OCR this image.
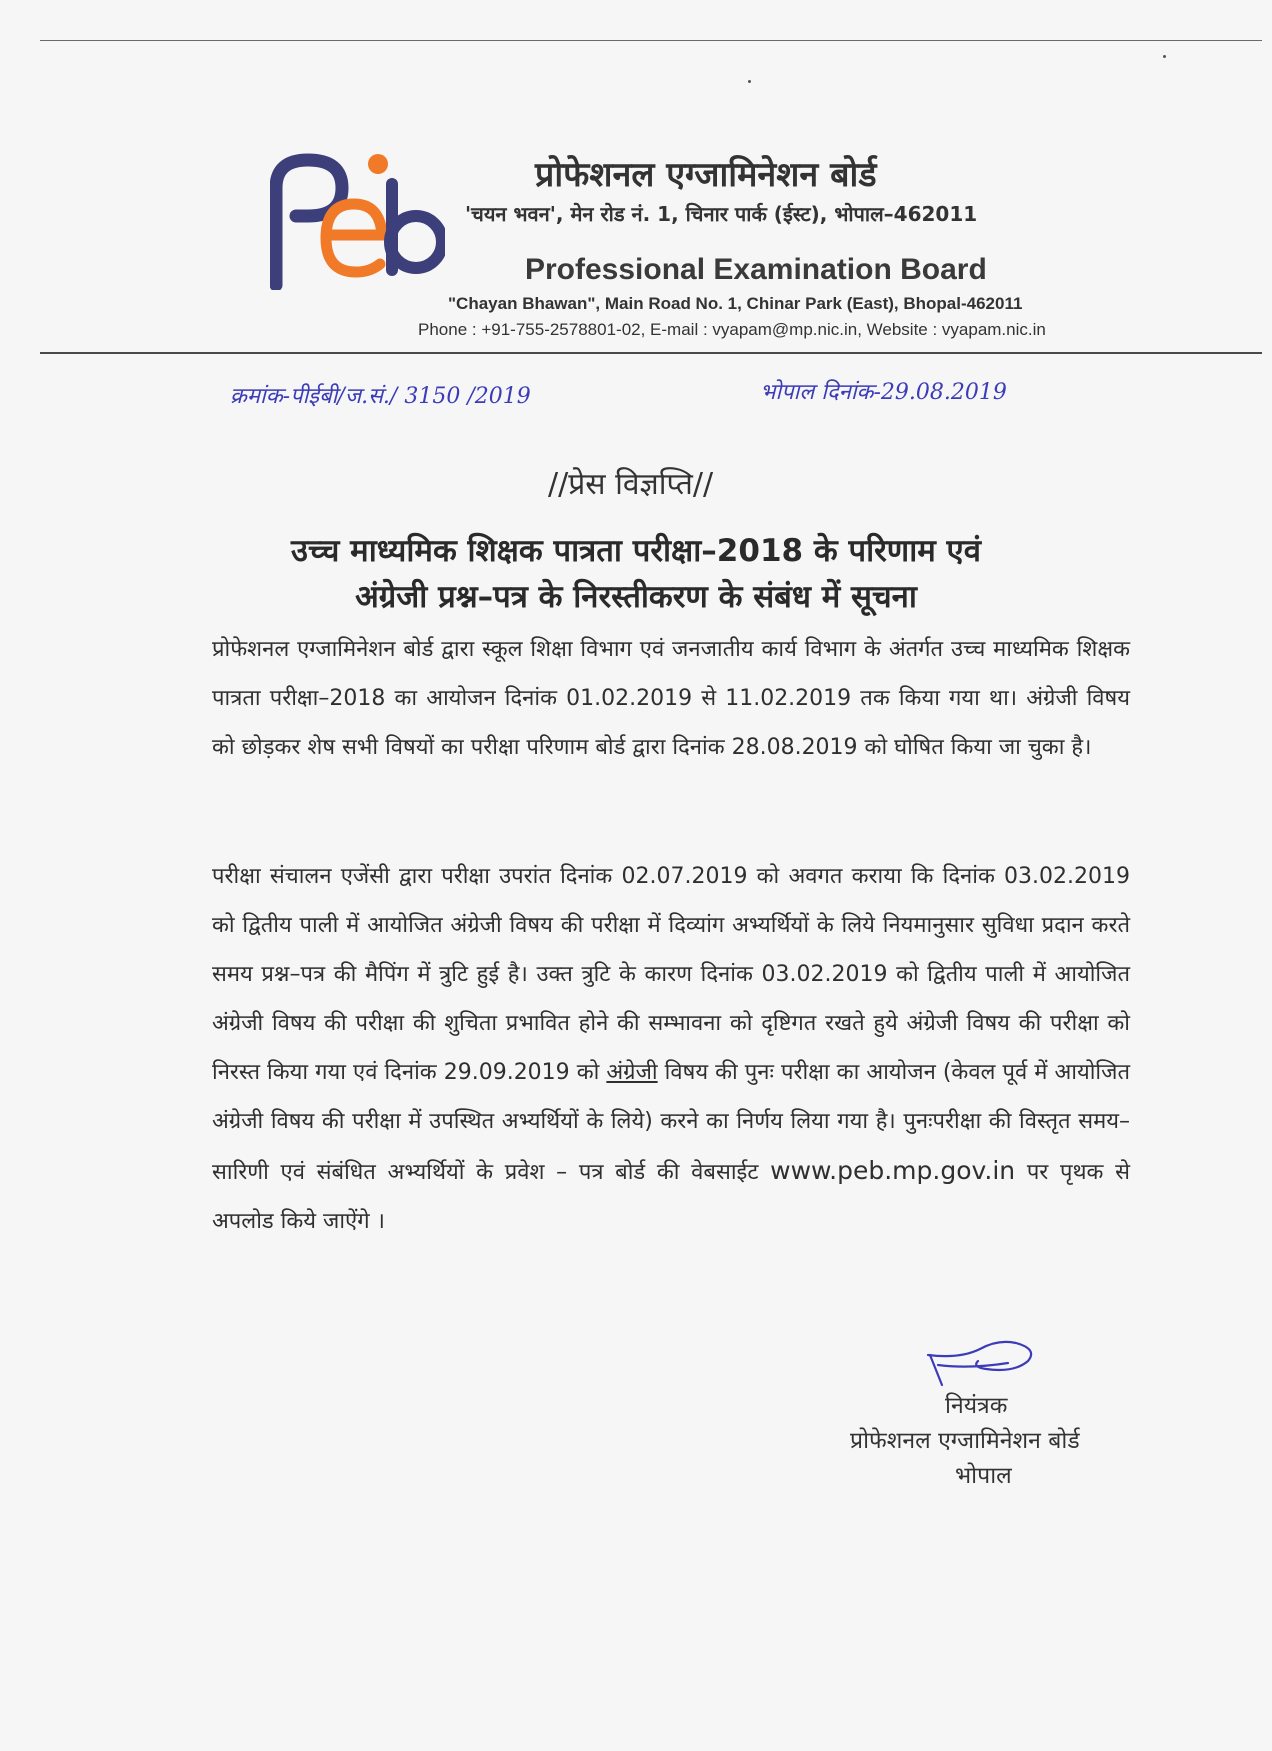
प्रोफेशनल एग्जामिनेशन बोर्ड
'चयन भवन', मेन रोड नं. 1, चिनार पार्क (ईस्ट), भोपाल–462011
Professional Examination Board
"Chayan Bhawan", Main Road No. 1, Chinar Park (East), Bhopal-462011
Phone : +91-755-2578801-02, E-mail : vyapam@mp.nic.in, Website : vyapam.nic.in
क्रमांक-पीईबी/ज.सं./ 3150 /2019	भोपाल दिनांक-29.08.2019
//प्रेस विज्ञप्ति//
उच्च माध्यमिक शिक्षक पात्रता परीक्षा–2018 के परिणाम एवं
अंग्रेजी प्रश्न–पत्र के निरस्तीकरण के संबंध में सूचना
प्रोफेशनल एग्जामिनेशन बोर्ड द्वारा स्कूल शिक्षा विभाग एवं जनजातीय कार्य विभाग के अंतर्गत उच्च माध्यमिक शिक्षक पात्रता परीक्षा–2018 का आयोजन दिनांक 01.02.2019 से 11.02.2019 तक किया गया था। अंग्रेजी विषय को छोड़कर शेष सभी विषयों का परीक्षा परिणाम बोर्ड द्वारा दिनांक 28.08.2019 को घोषित किया जा चुका है।
परीक्षा संचालन एजेंसी द्वारा परीक्षा उपरांत दिनांक 02.07.2019 को अवगत कराया कि दिनांक 03.02.2019 को द्वितीय पाली में आयोजित अंग्रेजी विषय की परीक्षा में दिव्यांग अभ्यर्थियों के लिये नियमानुसार सुविधा प्रदान करते समय प्रश्न–पत्र की मैपिंग में त्रुटि हुई है। उक्त त्रुटि के कारण दिनांक 03.02.2019 को द्वितीय पाली में आयोजित अंग्रेजी विषय की परीक्षा की शुचिता प्रभावित होने की सम्भावना को दृष्टिगत रखते हुये अंग्रेजी विषय की परीक्षा को निरस्त किया गया एवं दिनांक 29.09.2019 को अंग्रेजी विषय की पुनः परीक्षा का आयोजन (केवल पूर्व में आयोजित अंग्रेजी विषय की परीक्षा में उपस्थित अभ्यर्थियों के लिये) करने का निर्णय लिया गया है। पुनःपरीक्षा की विस्तृत समय–सारिणी एवं संबंधित अभ्यर्थियों के प्रवेश – पत्र बोर्ड की वेबसाईट www.peb.mp.gov.in पर पृथक से अपलोड किये जाऐंगे ।
नियंत्रक
प्रोफेशनल एग्जामिनेशन बोर्ड
भोपाल
